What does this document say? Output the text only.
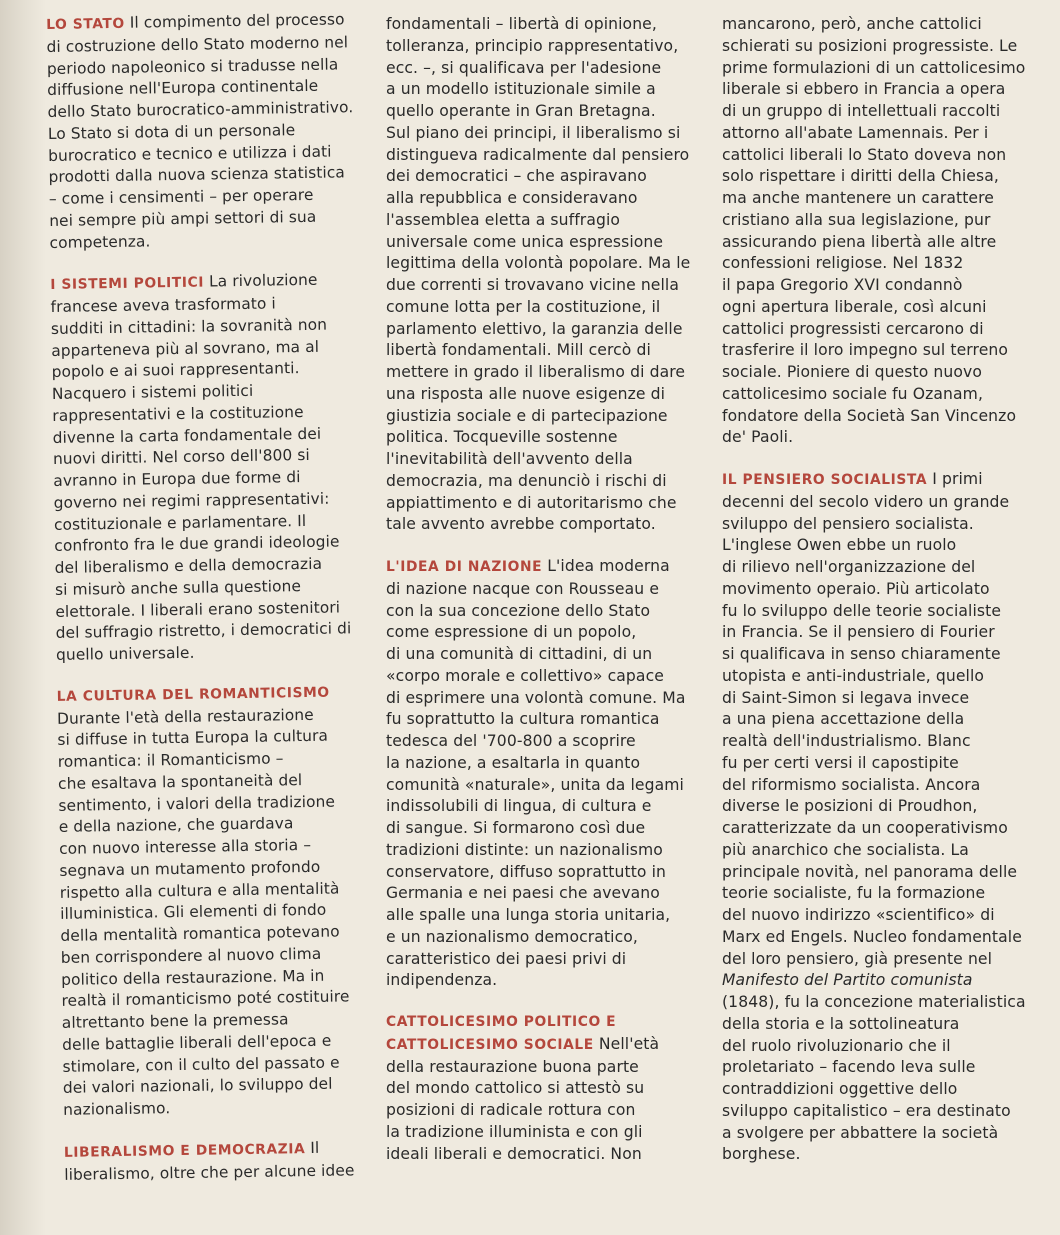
LO STATO Il compimento del processo
di costruzione dello Stato moderno nel
periodo napoleonico si tradusse nella
diffusione nell'Europa continentale
dello Stato burocratico-amministrativo.
Lo Stato si dota di un personale
burocratico e tecnico e utilizza i dati
prodotti dalla nuova scienza statistica
– come i censimenti – per operare
nei sempre più ampi settori di sua
competenza.
I SISTEMI POLITICI La rivoluzione
francese aveva trasformato i
sudditi in cittadini: la sovranità non
apparteneva più al sovrano, ma al
popolo e ai suoi rappresentanti.
Nacquero i sistemi politici
rappresentativi e la costituzione
divenne la carta fondamentale dei
nuovi diritti. Nel corso dell'800 si
avranno in Europa due forme di
governo nei regimi rappresentativi:
costituzionale e parlamentare. Il
confronto fra le due grandi ideologie
del liberalismo e della democrazia
si misurò anche sulla questione
elettorale. I liberali erano sostenitori
del suffragio ristretto, i democratici di
quello universale.
LA CULTURA DEL ROMANTICISMO
Durante l'età della restaurazione
si diffuse in tutta Europa la cultura
romantica: il Romanticismo –
che esaltava la spontaneità del
sentimento, i valori della tradizione
e della nazione, che guardava
con nuovo interesse alla storia –
segnava un mutamento profondo
rispetto alla cultura e alla mentalità
illuministica. Gli elementi di fondo
della mentalità romantica potevano
ben corrispondere al nuovo clima
politico della restaurazione. Ma in
realtà il romanticismo poté costituire
altrettanto bene la premessa
delle battaglie liberali dell'epoca e
stimolare, con il culto del passato e
dei valori nazionali, lo sviluppo del
nazionalismo.
LIBERALISMO E DEMOCRAZIA Il
liberalismo, oltre che per alcune idee
fondamentali – libertà di opinione,
tolleranza, principio rappresentativo,
ecc. –, si qualificava per l'adesione
a un modello istituzionale simile a
quello operante in Gran Bretagna.
Sul piano dei principi, il liberalismo si
distingueva radicalmente dal pensiero
dei democratici – che aspiravano
alla repubblica e consideravano
l'assemblea eletta a suffragio
universale come unica espressione
legittima della volontà popolare. Ma le
due correnti si trovavano vicine nella
comune lotta per la costituzione, il
parlamento elettivo, la garanzia delle
libertà fondamentali. Mill cercò di
mettere in grado il liberalismo di dare
una risposta alle nuove esigenze di
giustizia sociale e di partecipazione
politica. Tocqueville sostenne
l'inevitabilità dell'avvento della
democrazia, ma denunciò i rischi di
appiattimento e di autoritarismo che
tale avvento avrebbe comportato.
L'IDEA DI NAZIONE L'idea moderna
di nazione nacque con Rousseau e
con la sua concezione dello Stato
come espressione di un popolo,
di una comunità di cittadini, di un
«corpo morale e collettivo» capace
di esprimere una volontà comune. Ma
fu soprattutto la cultura romantica
tedesca del '700-800 a scoprire
la nazione, a esaltarla in quanto
comunità «naturale», unita da legami
indissolubili di lingua, di cultura e
di sangue. Si formarono così due
tradizioni distinte: un nazionalismo
conservatore, diffuso soprattutto in
Germania e nei paesi che avevano
alle spalle una lunga storia unitaria,
e un nazionalismo democratico,
caratteristico dei paesi privi di
indipendenza.
CATTOLICESIMO POLITICO E
CATTOLICESIMO SOCIALE Nell'età
della restaurazione buona parte
del mondo cattolico si attestò su
posizioni di radicale rottura con
la tradizione illuminista e con gli
ideali liberali e democratici. Non
mancarono, però, anche cattolici
schierati su posizioni progressiste. Le
prime formulazioni di un cattolicesimo
liberale si ebbero in Francia a opera
di un gruppo di intellettuali raccolti
attorno all'abate Lamennais. Per i
cattolici liberali lo Stato doveva non
solo rispettare i diritti della Chiesa,
ma anche mantenere un carattere
cristiano alla sua legislazione, pur
assicurando piena libertà alle altre
confessioni religiose. Nel 1832
il papa Gregorio XVI condannò
ogni apertura liberale, così alcuni
cattolici progressisti cercarono di
trasferire il loro impegno sul terreno
sociale. Pioniere di questo nuovo
cattolicesimo sociale fu Ozanam,
fondatore della Società San Vincenzo
de' Paoli.
IL PENSIERO SOCIALISTA I primi
decenni del secolo videro un grande
sviluppo del pensiero socialista.
L'inglese Owen ebbe un ruolo
di rilievo nell'organizzazione del
movimento operaio. Più articolato
fu lo sviluppo delle teorie socialiste
in Francia. Se il pensiero di Fourier
si qualificava in senso chiaramente
utopista e anti-industriale, quello
di Saint-Simon si legava invece
a una piena accettazione della
realtà dell'industrialismo. Blanc
fu per certi versi il capostipite
del riformismo socialista. Ancora
diverse le posizioni di Proudhon,
caratterizzate da un cooperativismo
più anarchico che socialista. La
principale novità, nel panorama delle
teorie socialiste, fu la formazione
del nuovo indirizzo «scientifico» di
Marx ed Engels. Nucleo fondamentale
del loro pensiero, già presente nel
Manifesto del Partito comunista
(1848), fu la concezione materialistica
della storia e la sottolineatura
del ruolo rivoluzionario che il
proletariato – facendo leva sulle
contraddizioni oggettive dello
sviluppo capitalistico – era destinato
a svolgere per abbattere la società
borghese.
